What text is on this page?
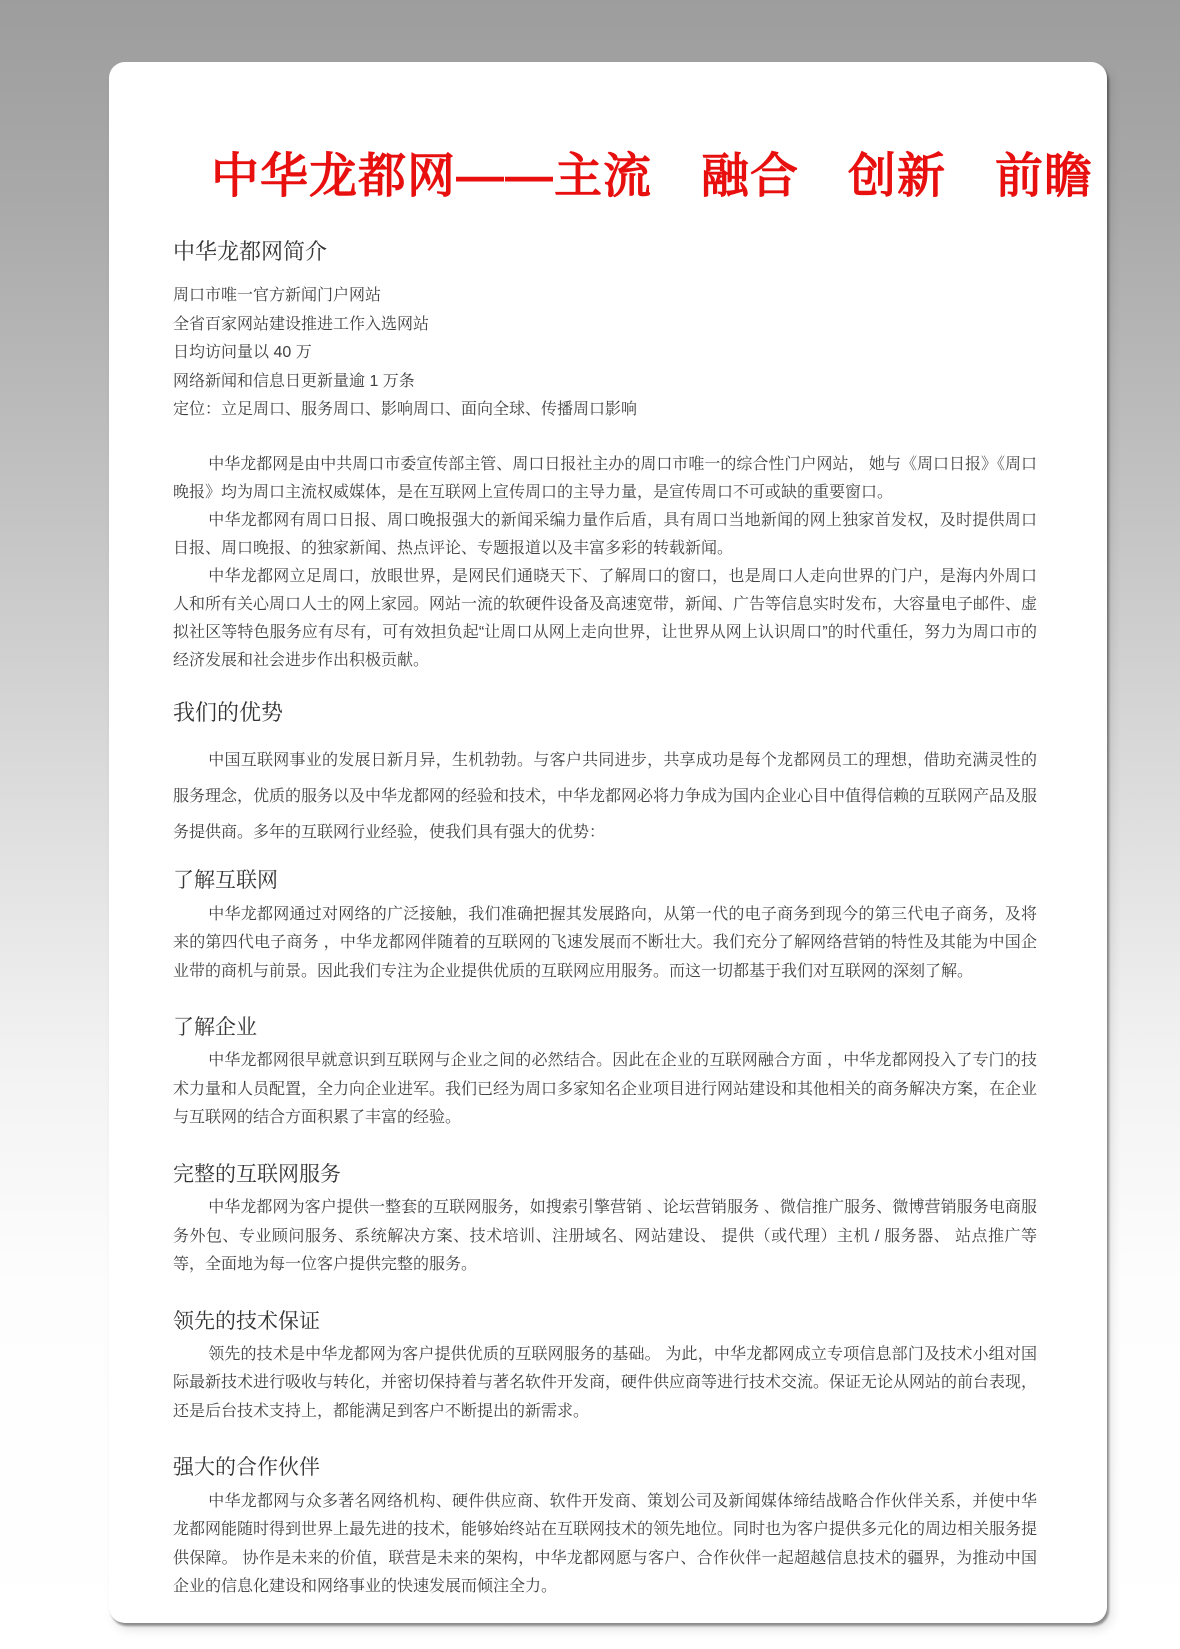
中华龙都网——主流　融合　创新　前瞻
中华龙都网简介

周口市唯一官方新闻门户网站

全省百家网站建设推进工作入选网站

日均访问量以 40 万

网络新闻和信息日更新量逾 1 万条

定位：立足周口、服务周口、影响周口、面向全球、传播周口影响

中华龙都网是由中共周口市委宣传部主管、周口日报社主办的周口市唯一的综合性门户网站， 她与《周口日报》《周口晚报》均为周口主流权威媒体，是在互联网上宣传周口的主导力量，是宣传周口不可或缺的重要窗口。

中华龙都网有周口日报、周口晚报强大的新闻采编力量作后盾，具有周口当地新闻的网上独家首发权，及时提供周口日报、周口晚报、的独家新闻、热点评论、专题报道以及丰富多彩的转载新闻。

中华龙都网立足周口，放眼世界，是网民们通晓天下、了解周口的窗口，也是周口人走向世界的门户，是海内外周口人和所有关心周口人士的网上家园。网站一流的软硬件设备及高速宽带，新闻、广告等信息实时发布，大容量电子邮件、虚拟社区等特色服务应有尽有，可有效担负起“让周口从网上走向世界，让世界从网上认识周口”的时代重任，努力为周口市的经济发展和社会进步作出积极贡献。

我们的优势

中国互联网事业的发展日新月异，生机勃勃。与客户共同进步，共享成功是每个龙都网员工的理想，借助充满灵性的服务理念，优质的服务以及中华龙都网的经验和技术，中华龙都网必将力争成为国内企业心目中值得信赖的互联网产品及服务提供商。多年的互联网行业经验，使我们具有强大的优势：

了解互联网

中华龙都网通过对网络的广泛接触，我们准确把握其发展路向，从第一代的电子商务到现今的第三代电子商务，及将来的第四代电子商务 ，中华龙都网伴随着的互联网的飞速发展而不断壮大。我们充分了解网络营销的特性及其能为中国企业带的商机与前景。因此我们专注为企业提供优质的互联网应用服务。而这一切都基于我们对互联网的深刻了解。

了解企业

中华龙都网很早就意识到互联网与企业之间的必然结合。因此在企业的互联网融合方面 ，中华龙都网投入了专门的技术力量和人员配置，全力向企业进军。我们已经为周口多家知名企业项目进行网站建设和其他相关的商务解决方案，在企业与互联网的结合方面积累了丰富的经验。

完整的互联网服务

中华龙都网为客户提供一整套的互联网服务，如搜索引擎营销 、论坛营销服务 、微信推广服务、微博营销服务电商服务外包、专业顾问服务、系统解决方案、技术培训、注册域名、网站建设、 提供（或代理）主机 / 服务器、 站点推广等等，全面地为每一位客户提供完整的服务。

领先的技术保证

领先的技术是中华龙都网为客户提供优质的互联网服务的基础。 为此，中华龙都网成立专项信息部门及技术小组对国际最新技术进行吸收与转化，并密切保持着与著名软件开发商，硬件供应商等进行技术交流。保证无论从网站的前台表现，还是后台技术支持上，都能满足到客户不断提出的新需求。

强大的合作伙伴

中华龙都网与众多著名网络机构、硬件供应商、软件开发商、策划公司及新闻媒体缔结战略合作伙伴关系，并使中华龙都网能随时得到世界上最先进的技术，能够始终站在互联网技术的领先地位。同时也为客户提供多元化的周边相关服务提供保障。 协作是未来的价值，联营是未来的架构，中华龙都网愿与客户、合作伙伴一起超越信息技术的疆界，为推动中国企业的信息化建设和网络事业的快速发展而倾注全力。
